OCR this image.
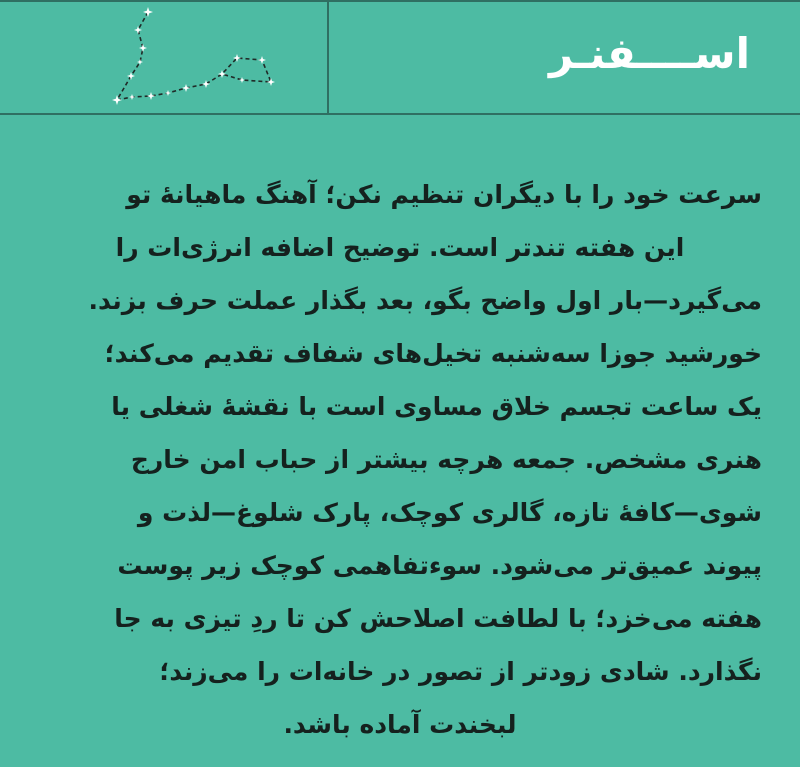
اســــفنـر
سرعت خود را با دیگران تنظیم نکن؛ آهنگ ماهیانهٔ تو
این هفته تندتر است. توضیح اضافه انرژی‌ات را
می‌گیرد—بار اول واضح بگو، بعد بگذار عملت حرف بزند.
خورشید جوزا سه‌شنبه تخیل‌های شفاف تقدیم می‌کند؛
یک ساعت تجسم خلاق مساوی است با نقشهٔ شغلی یا
هنری مشخص. جمعه هرچه بیشتر از حباب امن خارج
شوی—کافهٔ تازه، گالری کوچک، پارک شلوغ—لذت و
پیوند عمیق‌تر می‌شود. سوءتفاهمی کوچک زیر پوست
هفته می‌خزد؛ با لطافت اصلاحش کن تا ردِ تیزی به جا
نگذارد. شادی زودتر از تصور در خانه‌ات را می‌زند؛
لبخندت آماده باشد.
